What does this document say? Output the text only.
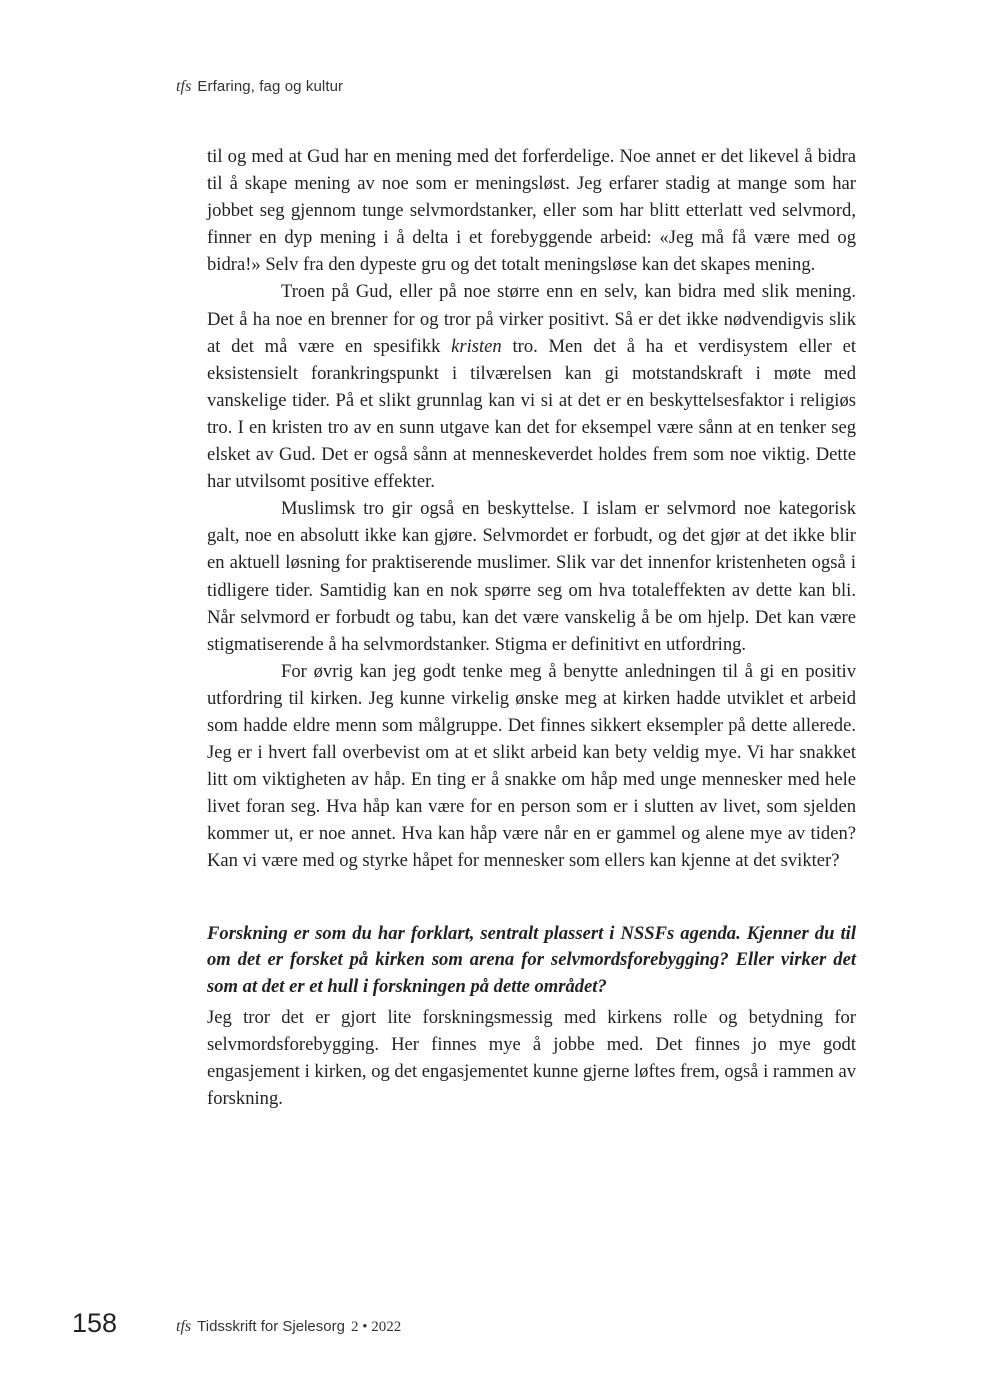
tfs Erfaring, fag og kultur

til og med at Gud har en mening med det forferdelige. Noe annet er det likevel å bidra til å skape mening av noe som er meningsløst. Jeg erfarer stadig at mange som har jobbet seg gjennom tunge selvmordstanker, eller som har blitt etterlatt ved selvmord, finner en dyp mening i å delta i et forebyggende arbeid: «Jeg må få være med og bidra!» Selv fra den dypeste gru og det totalt meningsløse kan det skapes mening.

Troen på Gud, eller på noe større enn en selv, kan bidra med slik mening. Det å ha noe en brenner for og tror på virker positivt. Så er det ikke nødvendigvis slik at det må være en spesifikk kristen tro. Men det å ha et verdisystem eller et eksistensielt forankringspunkt i tilværelsen kan gi motstandskraft i møte med vanskelige tider. På et slikt grunnlag kan vi si at det er en beskyttelsesfaktor i religiøs tro. I en kristen tro av en sunn utgave kan det for eksempel være sånn at en tenker seg elsket av Gud. Det er også sånn at menneskeverdet holdes frem som noe viktig. Dette har utvilsomt positive effekter.

Muslimsk tro gir også en beskyttelse. I islam er selvmord noe kategorisk galt, noe en absolutt ikke kan gjøre. Selvmordet er forbudt, og det gjør at det ikke blir en aktuell løsning for praktiserende muslimer. Slik var det innenfor kristenheten også i tidligere tider. Samtidig kan en nok spørre seg om hva totaleffekten av dette kan bli. Når selvmord er forbudt og tabu, kan det være vanskelig å be om hjelp. Det kan være stigmatiserende å ha selvmordstanker. Stigma er definitivt en utfordring.

For øvrig kan jeg godt tenke meg å benytte anledningen til å gi en positiv utfordring til kirken. Jeg kunne virkelig ønske meg at kirken hadde utviklet et arbeid som hadde eldre menn som målgruppe. Det finnes sikkert eksempler på dette allerede. Jeg er i hvert fall overbevist om at et slikt arbeid kan bety veldig mye. Vi har snakket litt om viktigheten av håp. En ting er å snakke om håp med unge mennesker med hele livet foran seg. Hva håp kan være for en person som er i slutten av livet, som sjelden kommer ut, er noe annet. Hva kan håp være når en er gammel og alene mye av tiden? Kan vi være med og styrke håpet for mennesker som ellers kan kjenne at det svikter?

Forskning er som du har forklart, sentralt plassert i NSSFs agenda. Kjenner du til om det er forsket på kirken som arena for selvmordsforebygging? Eller virker det som at det er et hull i forskningen på dette området?

Jeg tror det er gjort lite forskningsmessig med kirkens rolle og betydning for selvmordsforebygging. Her finnes mye å jobbe med. Det finnes jo mye godt engasjement i kirken, og det engasjementet kunne gjerne løftes frem, også i rammen av forskning.

158	tfs Tidsskrift for Sjelesorg 2 • 2022
